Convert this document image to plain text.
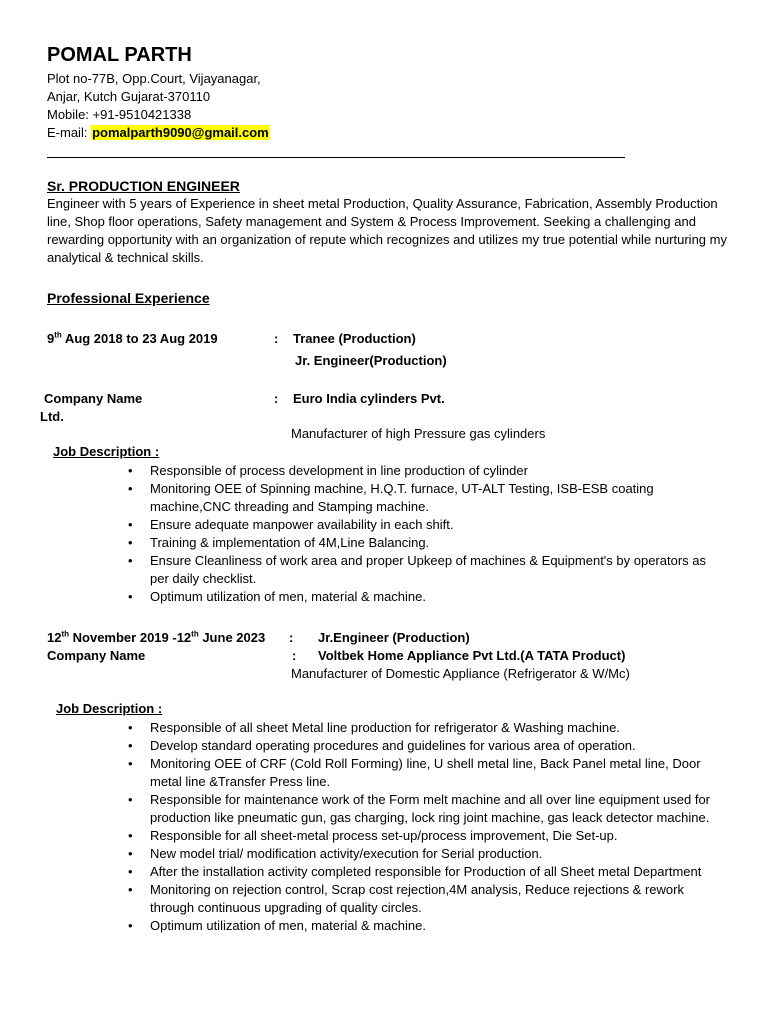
POMAL PARTH
Plot no-77B, Opp.Court, Vijayanagar,
Anjar, Kutch Gujarat-370110
Mobile: +91-9510421338
E-mail: pomalparth9090@gmail.com
Sr. PRODUCTION ENGINEER
Engineer with 5 years of Experience in sheet metal Production, Quality Assurance, Fabrication, Assembly Production line, Shop floor operations, Safety management and System & Process Improvement. Seeking a challenging and rewarding opportunity with an organization of repute which recognizes and utilizes my true potential while nurturing my analytical & technical skills.
Professional Experience
9th Aug 2018 to 23 Aug 2019	: Tranee (Production)
Jr. Engineer(Production)
Company Name	: Euro India cylinders Pvt.
Ltd.
Manufacturer of high Pressure gas cylinders
Job Description :
• Responsible of process development in line production of cylinder
• Monitoring OEE of Spinning machine, H.Q.T. furnace, UT-ALT Testing, ISB-ESB coating machine,CNC threading and Stamping machine.
• Ensure adequate manpower availability in each shift.
• Training & implementation of 4M,Line Balancing.
• Ensure Cleanliness of work area and proper Upkeep of machines & Equipment's by operators as per daily checklist.
• Optimum utilization of men, material & machine.
12th November 2019 -12th June 2023 : Jr.Engineer (Production)
Company Name	: Voltbek Home Appliance Pvt Ltd.(A TATA Product)
Manufacturer of Domestic Appliance (Refrigerator & W/Mc)
Job Description :
• Responsible of all sheet Metal line production for refrigerator & Washing machine.
• Develop standard operating procedures and guidelines for various area of operation.
• Monitoring OEE of CRF (Cold Roll Forming) line, U shell metal line, Back Panel metal line, Door metal line &Transfer Press line.
• Responsible for maintenance work of the Form melt machine and all over line equipment used for production like pneumatic gun, gas charging, lock ring joint machine, gas leack detector machine.
• Responsible for all sheet-metal process set-up/process improvement, Die Set-up.
• New model trial/ modification activity/execution for Serial production.
• After the installation activity completed responsible for Production of all Sheet metal Department
• Monitoring on rejection control, Scrap cost rejection,4M analysis, Reduce rejections & rework through continuous upgrading of quality circles.
• Optimum utilization of men, material & machine.
